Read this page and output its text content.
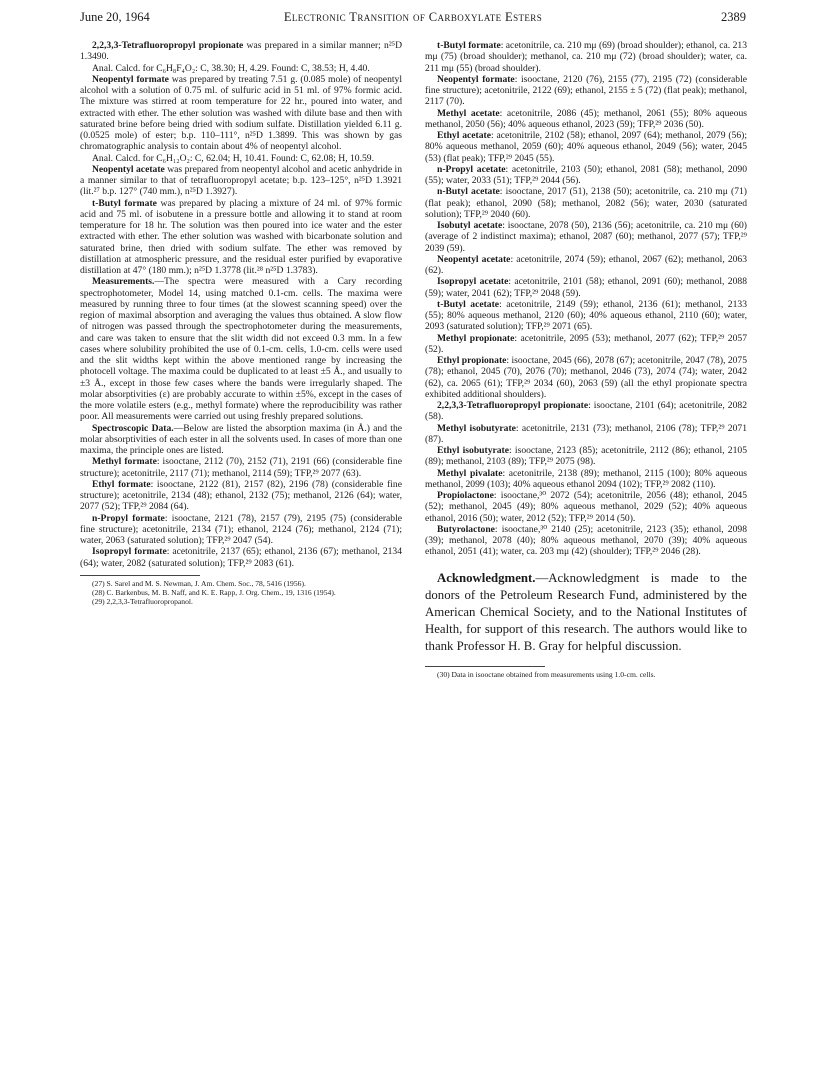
June 20, 1964	Electronic Transition of Carboxylate Esters	2389

2,2,3,3-Tetrafluoropropyl propionate was prepared in a similar manner; n²⁵D 1.3490.

Anal. Calcd. for C₆H₈F₄O₂: C, 38.30; H, 4.29. Found: C, 38.53; H, 4.40.

Neopentyl formate was prepared by treating 7.51 g. (0.085 mole) of neopentyl alcohol with a solution of 0.75 ml. of sulfuric acid in 51 ml. of 97% formic acid. The mixture was stirred at room temperature for 22 hr., poured into water, and extracted with ether. The ether solution was washed with dilute base and then with saturated brine before being dried with sodium sulfate. Distillation yielded 6.11 g. (0.0525 mole) of ester; b.p. 110–111°, n²⁵D 1.3899. This was shown by gas chromatographic analysis to contain about 4% of neopentyl alcohol.

Anal. Calcd. for C₆H₁₂O₂: C, 62.04; H, 10.41. Found: C, 62.08; H, 10.59.

Neopentyl acetate was prepared from neopentyl alcohol and acetic anhydride in a manner similar to that of tetrafluoropropyl acetate; b.p. 123–125°, n²⁵D 1.3921 (lit.²⁷ b.p. 127° (740 mm.), n²⁵D 1.3927).

t-Butyl formate was prepared by placing a mixture of 24 ml. of 97% formic acid and 75 ml. of isobutene in a pressure bottle and allowing it to stand at room temperature for 18 hr. The solution was then poured into ice water and the ester extracted with ether. The ether solution was washed with bicarbonate solution and saturated brine, then dried with sodium sulfate. The ether was removed by distillation at atmospheric pressure, and the residual ester purified by evaporative distillation at 47° (180 mm.); n²⁵D 1.3778 (lit.²⁸ n²⁵D 1.3783).

Measurements.—The spectra were measured with a Cary recording spectrophotometer, Model 14, using matched 0.1-cm. cells. The maxima were measured by running three to four times (at the slowest scanning speed) over the region of maximal absorption and averaging the values thus obtained. A slow flow of nitrogen was passed through the spectrophotometer during the measurements, and care was taken to ensure that the slit width did not exceed 0.3 mm. In a few cases where solubility prohibited the use of 0.1-cm. cells, 1.0-cm. cells were used and the slit widths kept within the above mentioned range by increasing the photocell voltage. The maxima could be duplicated to at least ±5 Å., and usually to ±3 Å., except in those few cases where the bands were irregularly shaped. The molar absorptivities (ε) are probably accurate to within ±5%, except in the cases of the more volatile esters (e.g., methyl formate) where the reproducibility was rather poor. All measurements were carried out using freshly prepared solutions.

Spectroscopic Data.—Below are listed the absorption maxima (in Å.) and the molar absorptivities of each ester in all the solvents used. In cases of more than one maxima, the principle ones are listed.

Methyl formate: isooctane, 2112 (70), 2152 (71), 2191 (66) (considerable fine structure); acetonitrile, 2117 (71); methanol, 2114 (59); TFP,²⁹ 2077 (63).

Ethyl formate: isooctane, 2122 (81), 2157 (82), 2196 (78) (considerable fine structure); acetonitrile, 2134 (48); ethanol, 2132 (75); methanol, 2126 (64); water, 2077 (52); TFP,²⁹ 2084 (64).

n-Propyl formate: isooctane, 2121 (78), 2157 (79), 2195 (75) (considerable fine structure); acetonitrile, 2134 (71); ethanol, 2124 (76); methanol, 2124 (71); water, 2063 (saturated solution); TFP,²⁹ 2047 (54).

Isopropyl formate: acetonitrile, 2137 (65); ethanol, 2136 (67); methanol, 2134 (64); water, 2082 (saturated solution); TFP,²⁹ 2083 (61).

(27) S. Sarel and M. S. Newman, J. Am. Chem. Soc., 78, 5416 (1956).

(28) C. Barkenbus, M. B. Naff, and K. E. Rapp, J. Org. Chem., 19, 1316 (1954).

(29) 2,2,3,3-Tetrafluoropropanol.

t-Butyl formate: acetonitrile, ca. 210 mμ (69) (broad shoulder); ethanol, ca. 213 mμ (75) (broad shoulder); methanol, ca. 210 mμ (72) (broad shoulder); water, ca. 211 mμ (55) (broad shoulder).

Neopentyl formate: isooctane, 2120 (76), 2155 (77), 2195 (72) (considerable fine structure); acetonitrile, 2122 (69); ethanol, 2155 ± 5 (72) (flat peak); methanol, 2117 (70).

Methyl acetate: acetonitrile, 2086 (45); methanol, 2061 (55); 80% aqueous methanol, 2050 (56); 40% aqueous ethanol, 2023 (59); TFP,²⁹ 2036 (50).

Ethyl acetate: acetonitrile, 2102 (58); ethanol, 2097 (64); methanol, 2079 (56); 80% aqueous methanol, 2059 (60); 40% aqueous ethanol, 2049 (56); water, 2045 (53) (flat peak); TFP,²⁹ 2045 (55).

n-Propyl acetate: acetonitrile, 2103 (50); ethanol, 2081 (58); methanol, 2090 (55); water, 2033 (51); TFP,²⁹ 2044 (56).

n-Butyl acetate: isooctane, 2017 (51), 2138 (50); acetonitrile, ca. 210 mμ (71) (flat peak); ethanol, 2090 (58); methanol, 2082 (56); water, 2030 (saturated solution); TFP,²⁹ 2040 (60).

Isobutyl acetate: isooctane, 2078 (50), 2136 (56); acetonitrile, ca. 210 mμ (60) (average of 2 indistinct maxima); ethanol, 2087 (60); methanol, 2077 (57); TFP,²⁹ 2039 (59).

Neopentyl acetate: acetonitrile, 2074 (59); ethanol, 2067 (62); methanol, 2063 (62).

Isopropyl acetate: acetonitrile, 2101 (58); ethanol, 2091 (60); methanol, 2088 (59); water, 2041 (62); TFP,²⁹ 2048 (59).

t-Butyl acetate: acetonitrile, 2149 (59); ethanol, 2136 (61); methanol, 2133 (55); 80% aqueous methanol, 2120 (60); 40% aqueous ethanol, 2110 (60); water, 2093 (saturated solution); TFP,²⁹ 2071 (65).

Methyl propionate: acetonitrile, 2095 (53); methanol, 2077 (62); TFP,²⁹ 2057 (52).

Ethyl propionate: isooctane, 2045 (66), 2078 (67); acetonitrile, 2047 (78), 2075 (78); ethanol, 2045 (70), 2076 (70); methanol, 2046 (73), 2074 (74); water, 2042 (62), ca. 2065 (61); TFP,²⁹ 2034 (60), 2063 (59) (all the ethyl propionate spectra exhibited additional shoulders).

2,2,3,3-Tetrafluoropropyl propionate: isooctane, 2101 (64); acetonitrile, 2082 (58).

Methyl isobutyrate: acetonitrile, 2131 (73); methanol, 2106 (78); TFP,²⁹ 2071 (87).

Ethyl isobutyrate: isooctane, 2123 (85); acetonitrile, 2112 (86); ethanol, 2105 (89); methanol, 2103 (89); TFP,²⁹ 2075 (98).

Methyl pivalate: acetonitrile, 2138 (89); methanol, 2115 (100); 80% aqueous methanol, 2099 (103); 40% aqueous ethanol 2094 (102); TFP,²⁹ 2082 (110).

Propiolactone: isooctane,³⁰ 2072 (54); acetonitrile, 2056 (48); ethanol, 2045 (52); methanol, 2045 (49); 80% aqueous methanol, 2029 (52); 40% aqueous ethanol, 2016 (50); water, 2012 (52); TFP,²⁹ 2014 (50).

Butyrolactone: isooctane,³⁰ 2140 (25); acetonitrile, 2123 (35); ethanol, 2098 (39); methanol, 2078 (40); 80% aqueous methanol, 2070 (39); 40% aqueous ethanol, 2051 (41); water, ca. 203 mμ (42) (shoulder); TFP,²⁹ 2046 (28).

Acknowledgment.—Acknowledgment is made to the donors of the Petroleum Research Fund, administered by the American Chemical Society, and to the National Institutes of Health, for support of this research. The authors would like to thank Professor H. B. Gray for helpful discussion.

(30) Data in isooctane obtained from measurements using 1.0-cm. cells.
